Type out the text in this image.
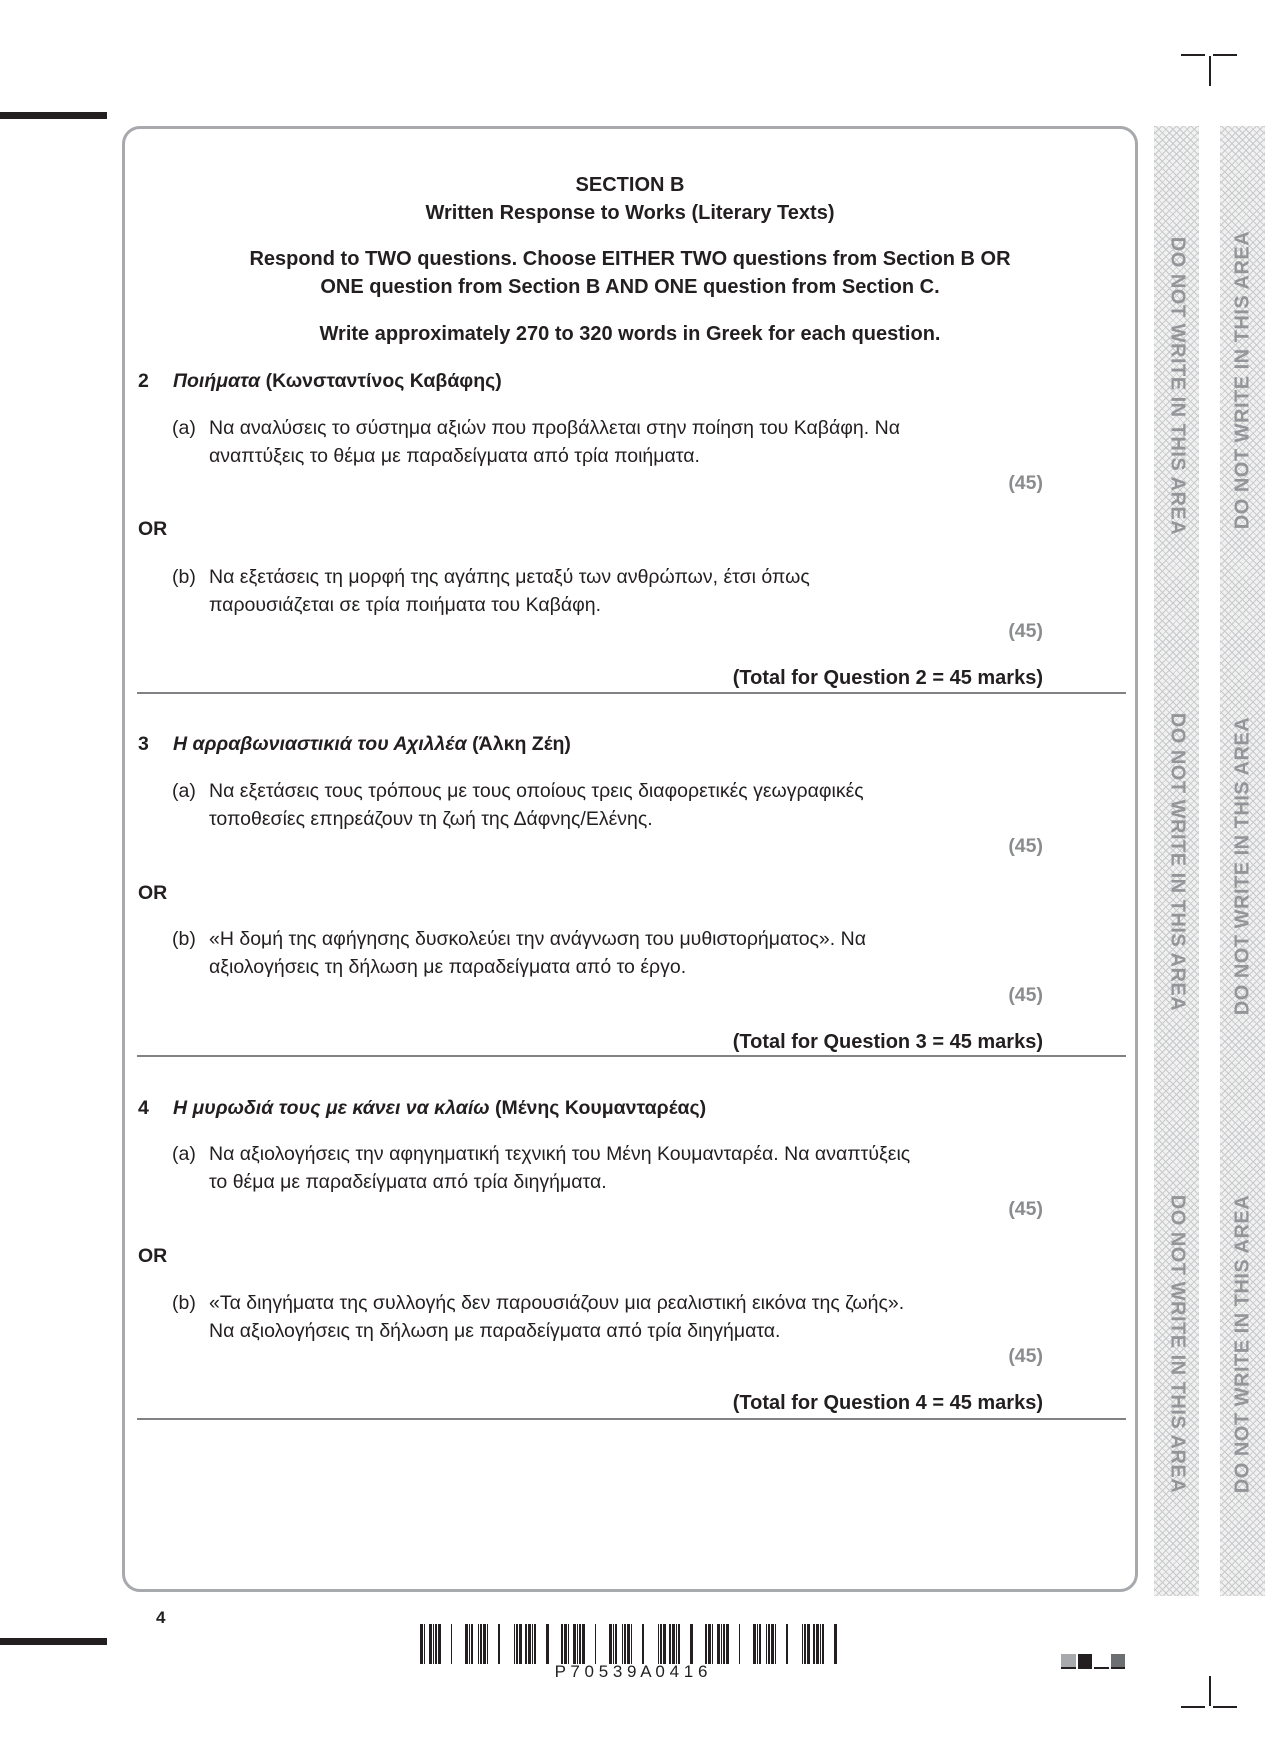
DO NOT WRITE IN THIS AREA
DO NOT WRITE IN THIS AREA
DO NOT WRITE IN THIS AREA
DO NOT WRITE IN THIS AREA
DO NOT WRITE IN THIS AREA
DO NOT WRITE IN THIS AREA
SECTION B
Written Response to Works (Literary Texts)
Respond to TWO questions. Choose EITHER TWO questions from Section B OR
ONE question from Section B AND ONE question from Section C.
Write approximately 270 to 320 words in Greek for each question.
2 Ποιήματα (Κωνσταντίνος Καβάφης)
(a) Να αναλύσεις το σύστημα αξιών που προβάλλεται στην ποίηση του Καβάφη. Να
αναπτύξεις το θέμα με παραδείγματα από τρία ποιήματα.
(45)
OR
(b) Να εξετάσεις τη μορφή της αγάπης μεταξύ των ανθρώπων, έτσι όπως
παρουσιάζεται σε τρία ποιήματα του Καβάφη.
(45)
(Total for Question 2 = 45 marks)
3 Η αρραβωνιαστικιά του Αχιλλέα (Άλκη Ζέη)
(a) Να εξετάσεις τους τρόπους με τους οποίους τρεις διαφορετικές γεωγραφικές
τοποθεσίες επηρεάζουν τη ζωή της Δάφνης/Ελένης.
(45)
OR
(b) «Η δομή της αφήγησης δυσκολεύει την ανάγνωση του μυθιστορήματος». Να
αξιολογήσεις τη δήλωση με παραδείγματα από το έργο.
(45)
(Total for Question 3 = 45 marks)
4 Η μυρωδιά τους με κάνει να κλαίω (Μένης Κουμανταρέας)
(a) Να αξιολογήσεις την αφηγηματική τεχνική του Μένη Κουμανταρέα. Να αναπτύξεις
το θέμα με παραδείγματα από τρία διηγήματα.
(45)
OR
(b) «Τα διηγήματα της συλλογής δεν παρουσιάζουν μια ρεαλιστική εικόνα της ζωής».
Να αξιολογήσεις τη δήλωση με παραδείγματα από τρία διηγήματα.
(45)
(Total for Question 4 = 45 marks)
4
P 7 0 5 3 9 A 0 4 1 6
